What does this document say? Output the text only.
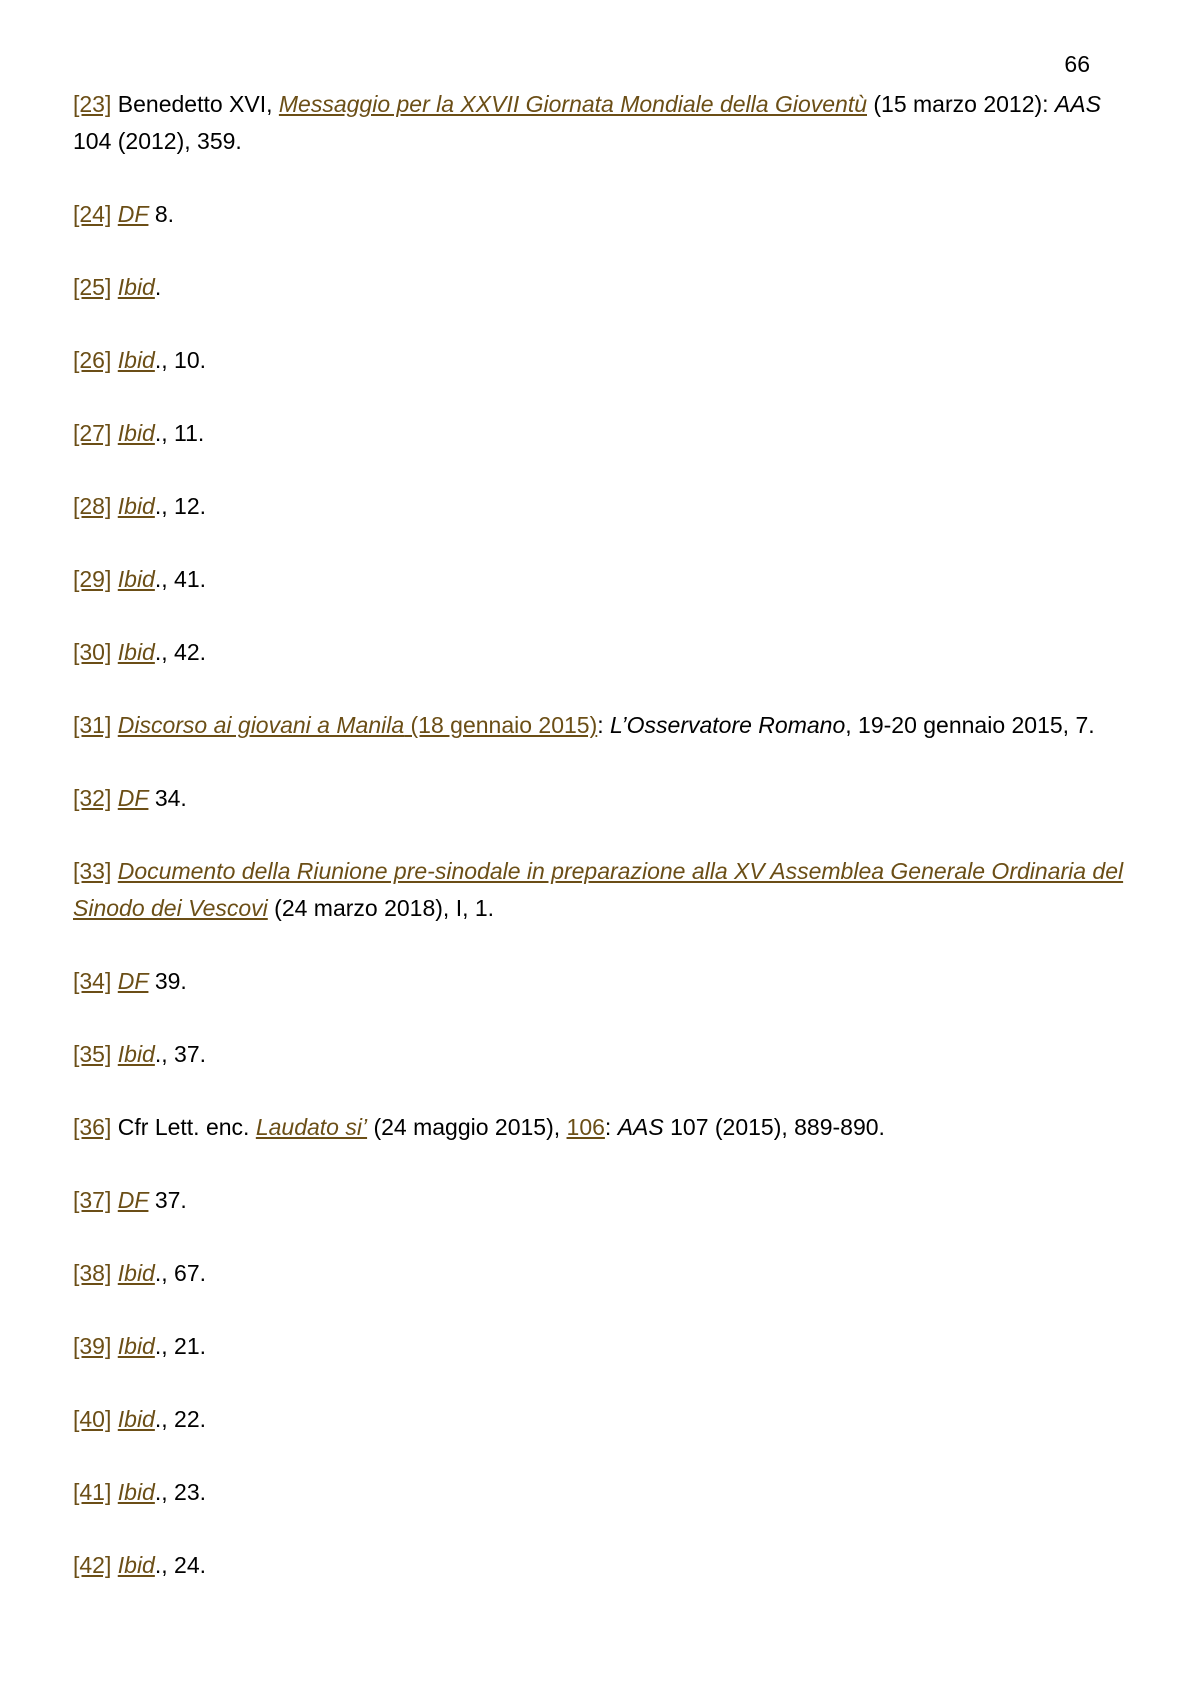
66
[23] Benedetto XVI, Messaggio per la XXVII Giornata Mondiale della Gioventù (15 marzo 2012): AAS 104 (2012), 359.
[24] DF 8.
[25] Ibid.
[26] Ibid., 10.
[27] Ibid., 11.
[28] Ibid., 12.
[29] Ibid., 41.
[30] Ibid., 42.
[31] Discorso ai giovani a Manila (18 gennaio 2015): L’Osservatore Romano, 19-20 gennaio 2015, 7.
[32] DF 34.
[33] Documento della Riunione pre-sinodale in preparazione alla XV Assemblea Generale Ordinaria del Sinodo dei Vescovi (24 marzo 2018), I, 1.
[34] DF 39.
[35] Ibid., 37.
[36] Cfr Lett. enc. Laudato si’ (24 maggio 2015), 106: AAS 107 (2015), 889-890.
[37] DF 37.
[38] Ibid., 67.
[39] Ibid., 21.
[40] Ibid., 22.
[41] Ibid., 23.
[42] Ibid., 24.
